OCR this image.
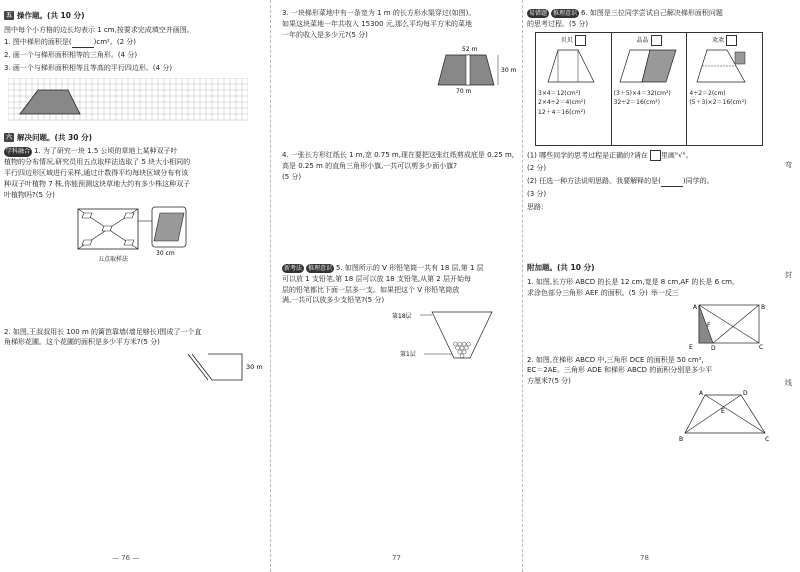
五 操作题。(共 10 分)
图中每个小方格的边长均表示 1 cm,按要求完成填空并画图。
1. 图中梯形的面积是(	)cm²。(2 分)
2. 画一个与梯形面积相等的三角形。(4 分)
3. 画一个与梯形面积相等且等高的平行四边形。(4 分)
六 解决问题。(共 30 分)
学科融合 1. 为了研究一块 1.5 公顷的草地上某种双子叶
植物的分布情况,研究员用五点取样法选取了 5 块大小相同的
平行四边形区域进行采样,通过计数得平均每块区域分布有该
种双子叶植物 7 株,你能预测这块草地大约有多少株这种双子
叶植物吗?(5 分)
30 cm
五点取样法
2. 如图,王叔叔用长 100 m 的篱笆靠墙(墙足够长)围成了一个直
角梯形花圃。这个花圃的面积是多少平方米?(5 分)
30 m
— 76 —
3. 一块梯形菜地中有一条宽为 1 m 的长方形水渠穿过(如图)。
如果这块菜地一年共收入 15300 元,那么平均每平方米的菜地
一年的收入是多少元?(5 分)
52 m
30 m
70 m
4. 一张长方形红纸长 1 m,宽 0.75 m,现在要把这张红纸剪成底是 0.25 m,
高是 0.25 m 的直角三角形小旗,一共可以剪多少面小旗?
(5 分)
新考法 推理意识 5. 如图所示的 V 形铅笔筒一共有 18 层,第 1 层
可以放 1 支铅笔,第 18 层可以放 18 支铅笔,从第 2 层开始每
层的铅笔都比下面一层多一支。如果把这个 V 形铅笔筒放
满,一共可以放多少支铅笔?(5 分)
第18层
第1层
77
易错题 推理意识 6. 如图是三位同学尝试自己解决梯形面积问题
的思考过程。(5 分)
贝贝
3×4＝12(cm²)
2×4÷2＝4(cm²)
12＋4＝16(cm²)
晶晶
(3＋5)×4＝32(cm²)
32÷2＝16(cm²)
欢欢
4÷2＝2(cm)
(5＋3)×2＝16(cm²)
(1) 哪些同学的思考过程是正确的?请在 里画"√"。
(2 分)
(2) 任选一种方法说明思路。我要解释的是(	)同学的。
(3 分)
思路:
附加题。(共 10 分)
1. 如图,长方形 ABCD 的长是 12 cm,宽是 8 cm,AF 的长是 6 cm。
求涂色部分三角形 AEF 的面积。(5 分) 举一反三
A
E	D	C
F
B
2. 如图,在梯形 ABCD 中,三角形 DCE 的面积是 50 cm²,
EC＝2AE。三角形 ADE 和梯形 ABCD 的面积分别是多少平
方厘米?(5 分)
A	D
B	C
E
78
弯
封
线
